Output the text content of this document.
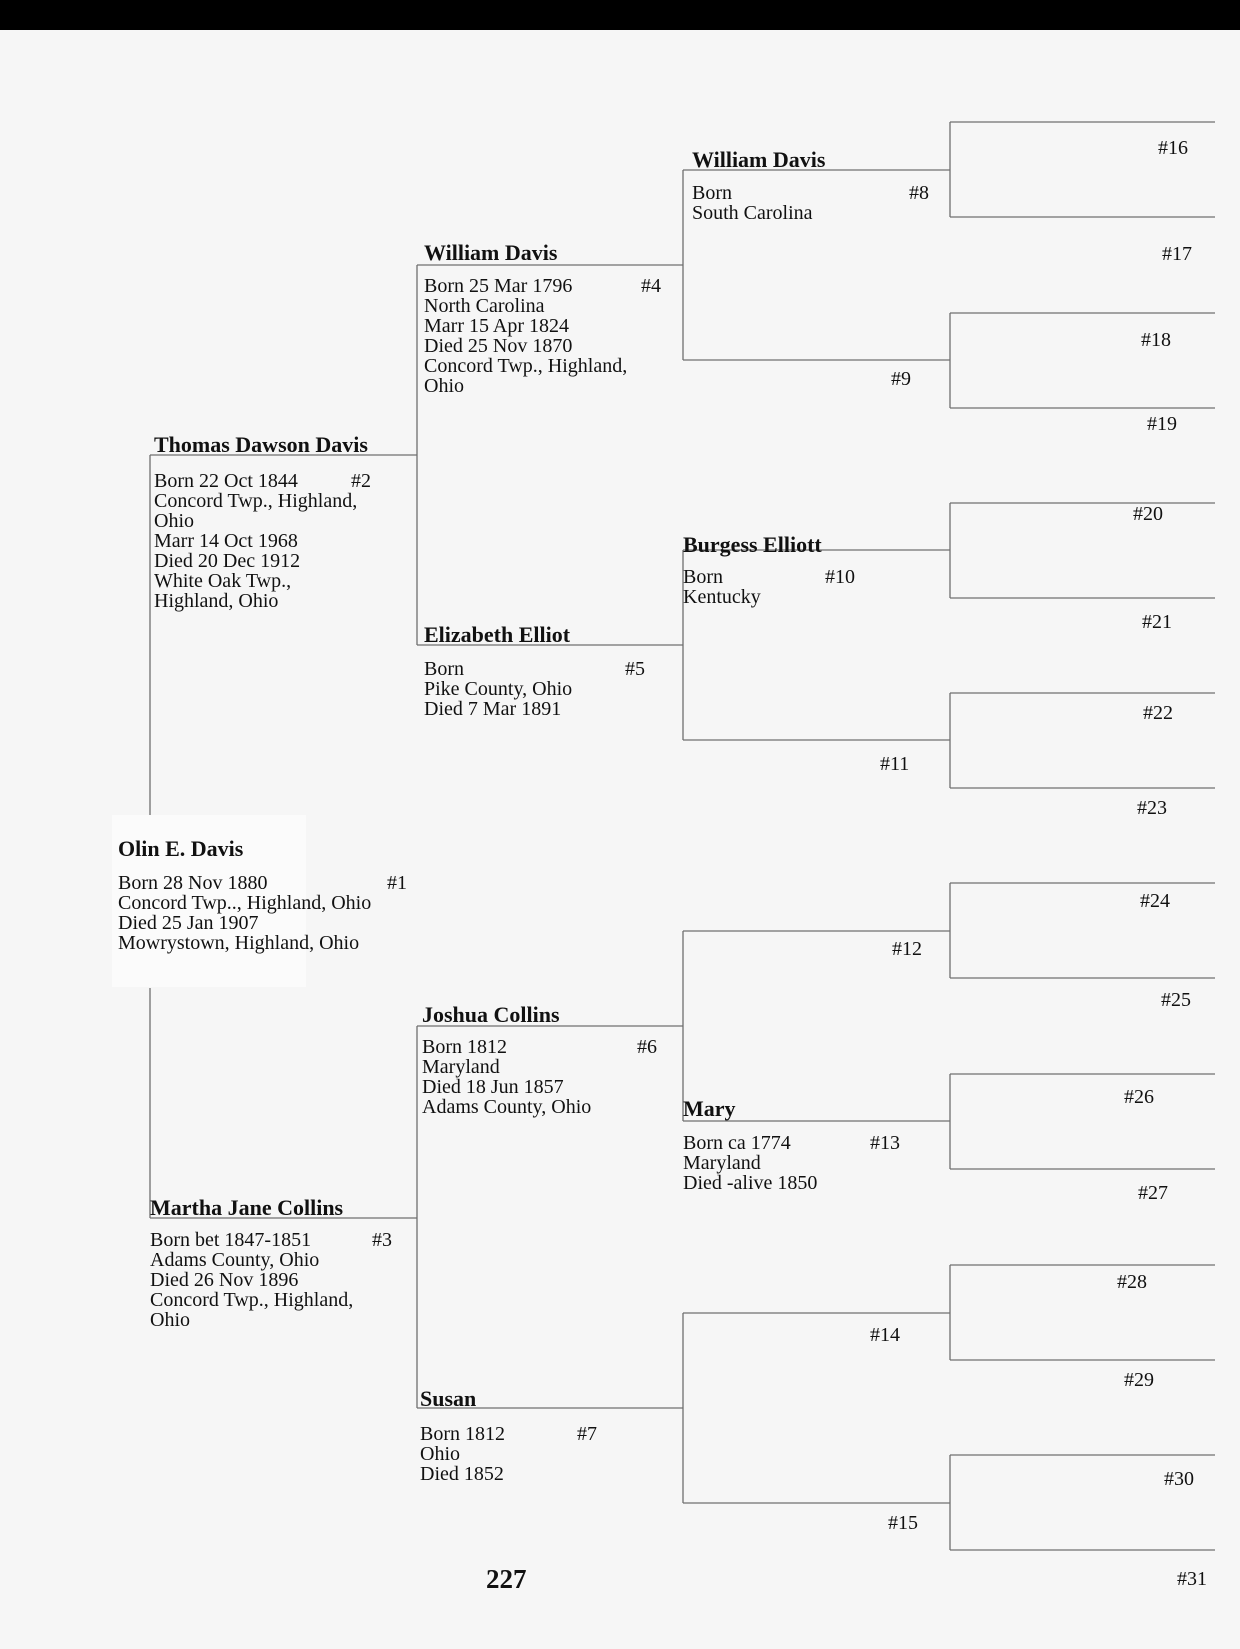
Olin E. Davis
#1
Born 28 Nov 1880
Concord Twp.., Highland, Ohio
Died 25 Jan 1907
Mowrystown, Highland, Ohio
Thomas Dawson Davis
#2
Born 22 Oct 1844
Concord Twp., Highland,
Ohio
Marr 14 Oct 1968
Died 20 Dec 1912
White Oak Twp.,
Highland, Ohio
Martha Jane Collins
#3
Born bet 1847-1851
Adams County, Ohio
Died 26 Nov 1896
Concord Twp., Highland,
Ohio
William Davis
#4
Born 25 Mar 1796
North Carolina
Marr 15 Apr 1824
Died 25 Nov 1870
Concord Twp., Highland,
Ohio
Elizabeth Elliot
#5
Born
Pike County, Ohio
Died 7 Mar 1891
Joshua Collins
#6
Born 1812
Maryland
Died 18 Jun 1857
Adams County, Ohio
Susan
#7
Born 1812
Ohio
Died 1852
William Davis
#8
Born
South Carolina
Burgess Elliott
#10
Born
Kentucky
Mary
#13
Born ca 1774
Maryland
Died -alive 1850
#9
#11
#12
#14
#15
#16
#17
#18
#19
#20
#21
#22
#23
#24
#25
#26
#27
#28
#29
#30
#31
227
